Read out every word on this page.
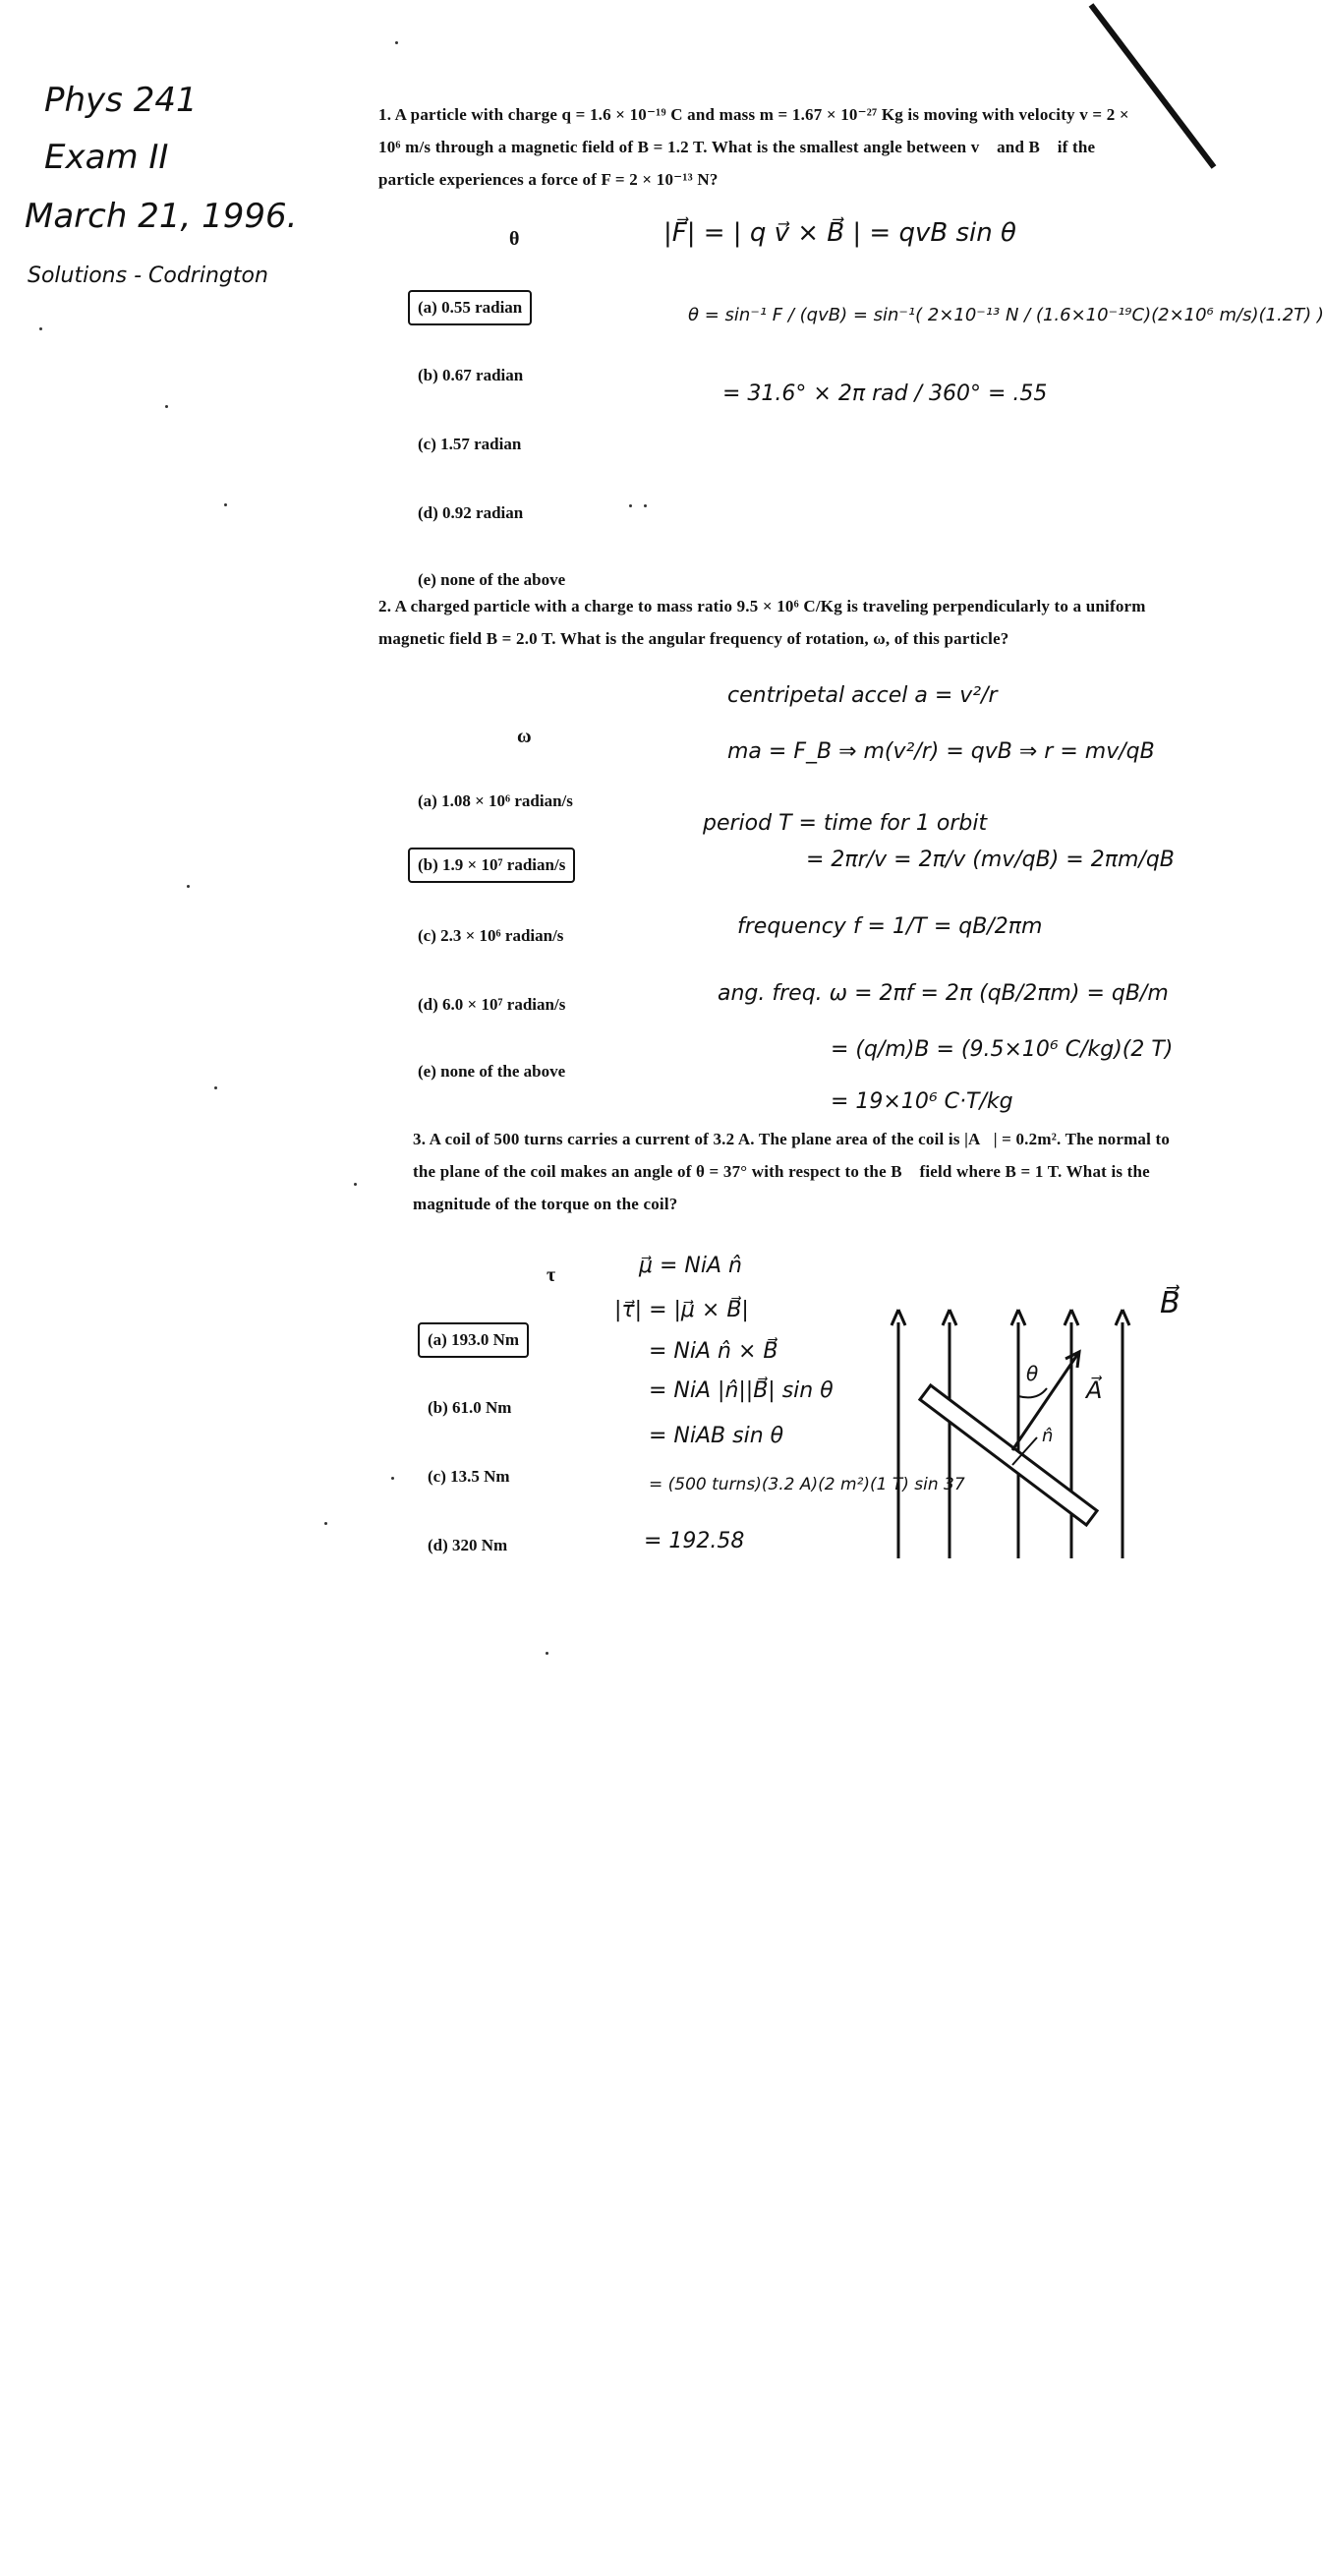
Phys 241
Exam II
March 21, 1996.
Solutions - Codrington
1. A particle with charge q = 1.6 × 10⁻¹⁹ C and mass m = 1.67 × 10⁻²⁷ Kg is moving with velocity v = 2 × 10⁶ m/s through a magnetic field of B = 1.2 T. What is the smallest angle between v⃗ and B⃗ if the particle experiences a force of F = 2 × 10⁻¹³ N?
θ
(a) 0.55 radian
(b) 0.67 radian
(c) 1.57 radian
(d) 0.92 radian
(e) none of the above
|F⃗| = | q v⃗ × B⃗ | = qvB sin θ
θ = sin⁻¹ F / (qvB) = sin⁻¹( 2×10⁻¹³ N / (1.6×10⁻¹⁹C)(2×10⁶ m/s)(1.2T) )
= 31.6° × 2π rad / 360° = .55
2. A charged particle with a charge to mass ratio 9.5 × 10⁶ C/Kg is traveling perpendicularly to a uniform magnetic field B = 2.0 T. What is the angular frequency of rotation, ω, of this particle?
ω
(a) 1.08 × 10⁶ radian/s
(b) 1.9 × 10⁷ radian/s
(c) 2.3 × 10⁶ radian/s
(d) 6.0 × 10⁷ radian/s
(e) none of the above
centripetal accel a = v²/r
ma = F_B ⇒ m(v²/r) = qvB ⇒ r = mv/qB
period T = time for 1 orbit
= 2πr/v = 2π/v (mv/qB) = 2πm/qB
frequency f = 1/T = qB/2πm
ang. freq. ω = 2πf = 2π (qB/2πm) = qB/m
= (q/m)B = (9.5×10⁶ C/kg)(2 T)
= 19×10⁶ C·T/kg
3. A coil of 500 turns carries a current of 3.2 A. The plane area of the coil is |A⃗| = 0.2m². The normal to the plane of the coil makes an angle of θ = 37° with respect to the B⃗ field where B = 1 T. What is the magnitude of the torque on the coil?
τ
(a) 193.0 Nm
(b) 61.0 Nm
(c) 13.5 Nm
(d) 320 Nm
μ⃗ = NiA n̂
|τ⃗| = |μ⃗ × B⃗|
= NiA n̂ × B⃗
= NiA |n̂||B⃗| sin θ
= NiAB sin θ
= (500 turns)(3.2 A)(2 m²)(1 T) sin 37
= 192.58
B⃗
A⃗
θ
n̂
